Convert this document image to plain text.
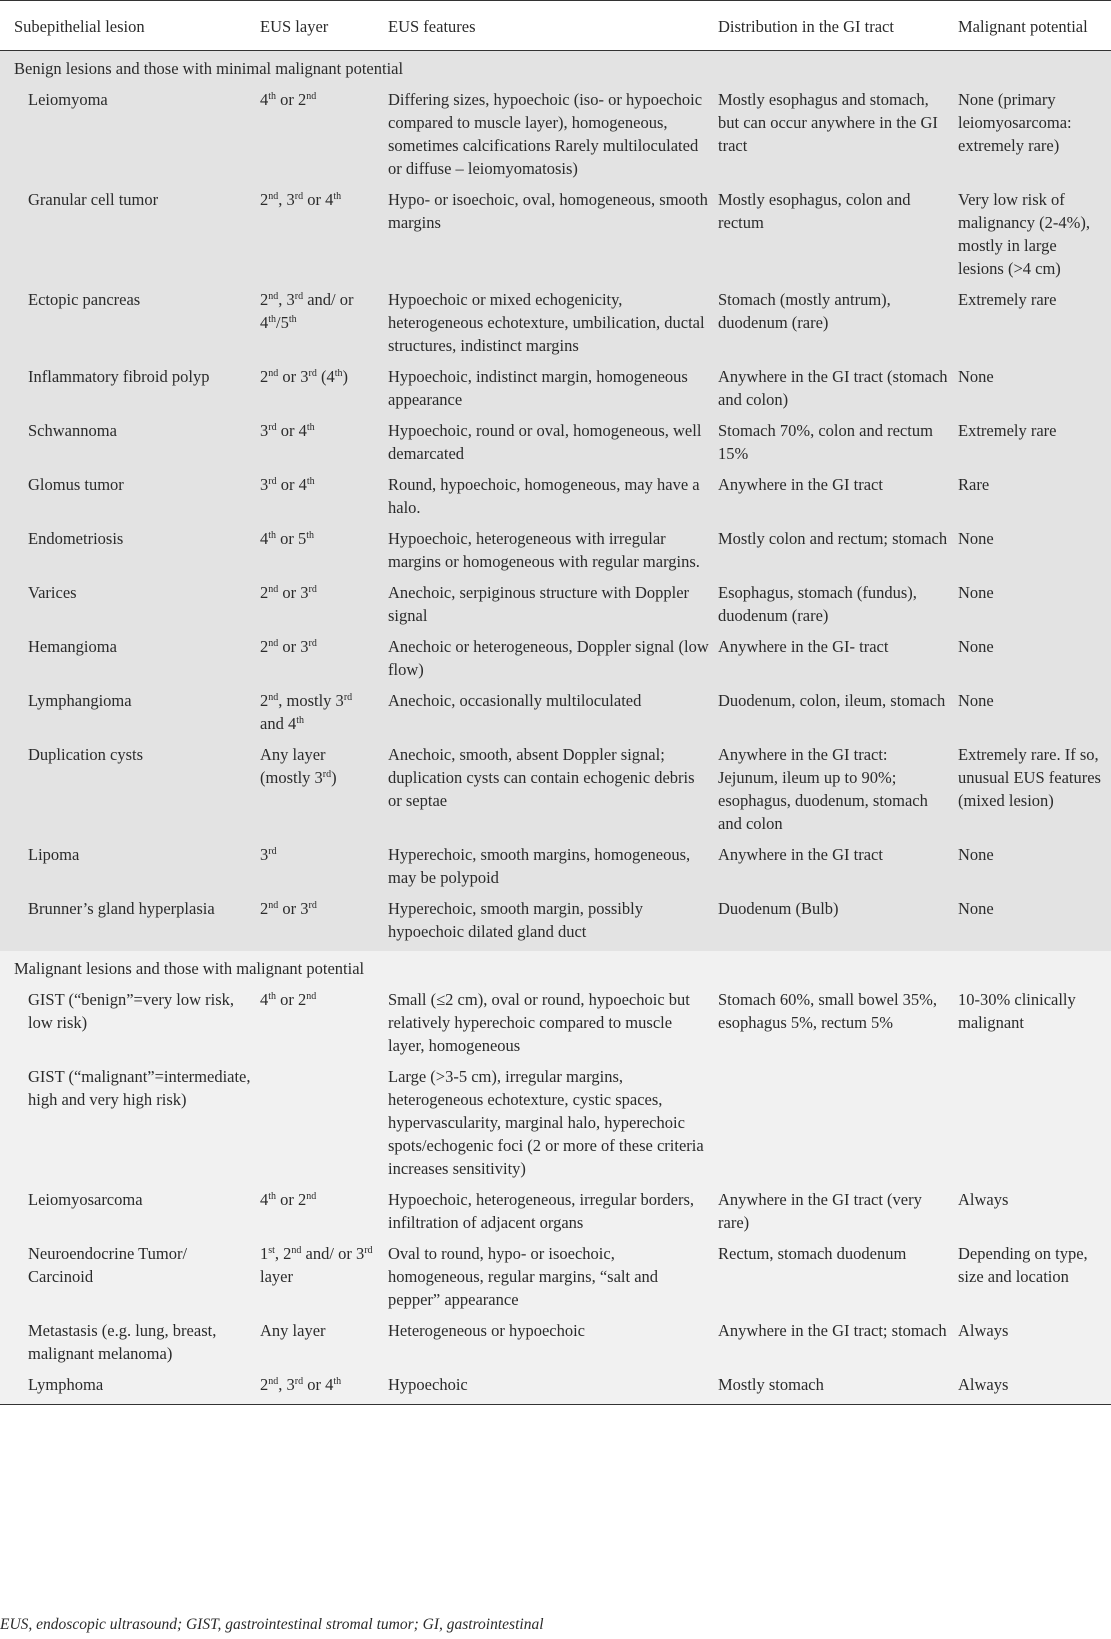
Subepithelial lesion	EUS layer	EUS features	Distribution in the GI tract	Malignant potential
Benign lesions and those with minimal malignant potential				
Leiomyoma	4th or 2nd	Differing sizes, hypoechoic (iso- or hypoechoic compared to muscle layer), homogeneous, sometimes calcifications Rarely multiloculated or diffuse – leiomyomatosis)	Mostly esophagus and stomach, but can occur anywhere in the GI tract	None (primary leiomyosarcoma: extremely rare)
Granular cell tumor	2nd, 3rd or 4th	Hypo- or isoechoic, oval, homogeneous, smooth margins	Mostly esophagus, colon and rectum	Very low risk of malignancy (2-4%), mostly in large lesions (>4 cm)
Ectopic pancreas	2nd, 3rd and/ or 4th/5th	Hypoechoic or mixed echogenicity, heterogeneous echotexture, umbilication, ductal structures, indistinct margins	Stomach (mostly antrum), duodenum (rare)	Extremely rare
Inflammatory fibroid polyp	2nd or 3rd (4th)	Hypoechoic, indistinct margin, homogeneous appearance	Anywhere in the GI tract (stomach and colon)	None
Schwannoma	3rd or 4th	Hypoechoic, round or oval, homogeneous, well demarcated	Stomach 70%, colon and rectum 15%	Extremely rare
Glomus tumor	3rd or 4th	Round, hypoechoic, homogeneous, may have a halo.	Anywhere in the GI tract	Rare
Endometriosis	4th or 5th	Hypoechoic, heterogeneous with irregular margins or homogeneous with regular margins.	Mostly colon and rectum; stomach	None
Varices	2nd or 3rd	Anechoic, serpiginous structure with Doppler signal	Esophagus, stomach (fundus), duodenum (rare)	None
Hemangioma	2nd or 3rd	Anechoic or heterogeneous, Doppler signal (low flow)	Anywhere in the GI- tract	None
Lymphangioma	2nd, mostly 3rd and 4th	Anechoic, occasionally multiloculated	Duodenum, colon, ileum, stomach	None
Duplication cysts	Any layer (mostly 3rd)	Anechoic, smooth, absent Doppler signal; duplication cysts can contain echogenic debris or septae	Anywhere in the GI tract: Jejunum, ileum up to 90%; esophagus, duodenum, stomach and colon	Extremely rare. If so, unusual EUS features (mixed lesion)
Lipoma	3rd	Hyperechoic, smooth margins, homogeneous, may be polypoid	Anywhere in the GI tract	None
Brunner’s gland hyperplasia	2nd or 3rd	Hyperechoic, smooth margin, possibly hypoechoic dilated gland duct	Duodenum (Bulb)	None
Malignant lesions and those with malignant potential				
GIST (“benign”=very low risk, low risk)	4th or 2nd	Small (≤2 cm), oval or round, hypoechoic but relatively hyperechoic compared to muscle layer, homogeneous	Stomach 60%, small bowel 35%, esophagus 5%, rectum 5%	10-30% clinically malignant
GIST (“malignant”=intermediate, high and very high risk)		Large (>3-5 cm), irregular margins, heterogeneous echotexture, cystic spaces, hypervascularity, marginal halo, hyperechoic spots/echogenic foci (2 or more of these criteria increases sensitivity)		
Leiomyosarcoma	4th or 2nd	Hypoechoic, heterogeneous, irregular borders, infiltration of adjacent organs	Anywhere in the GI tract (very rare)	Always
Neuroendocrine Tumor/ Carcinoid	1st, 2nd and/ or 3rd layer	Oval to round, hypo- or isoechoic, homogeneous, regular margins, “salt and pepper” appearance	Rectum, stomach duodenum	Depending on type, size and location
Metastasis (e.g. lung, breast, malignant melanoma)	Any layer	Heterogeneous or hypoechoic	Anywhere in the GI tract; stomach	Always
Lymphoma	2nd, 3rd or 4th	Hypoechoic	Mostly stomach	Always
EUS, endoscopic ultrasound; GIST, gastrointestinal stromal tumor; GI, gastrointestinal
